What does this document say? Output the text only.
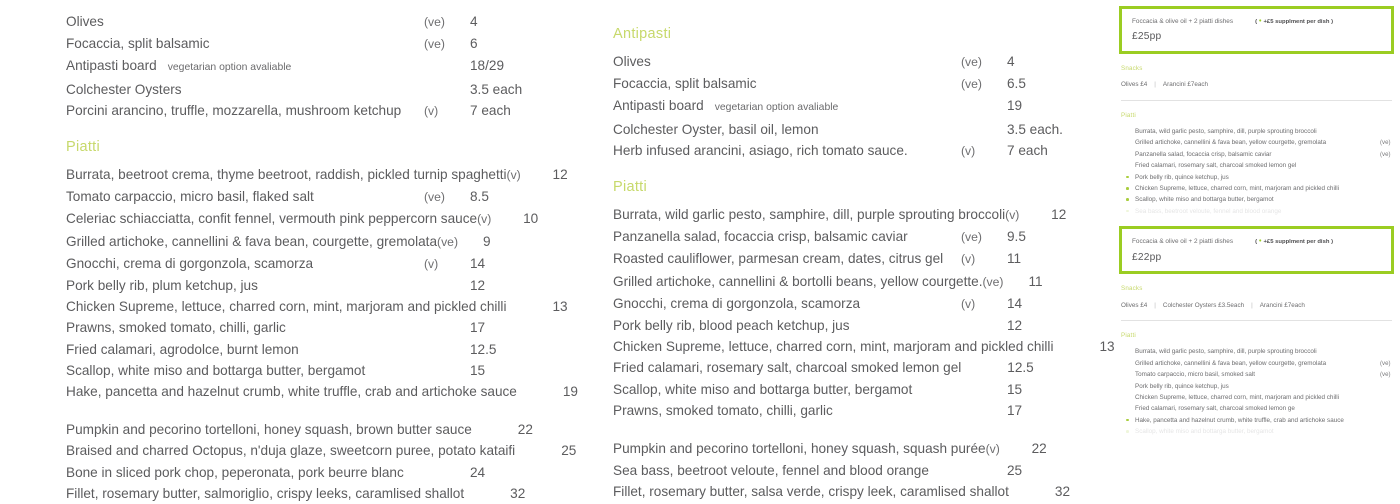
Olives	(ve)	4
Focaccia, split balsamic	(ve)	6
Antipasti board	vegetarian option avaliable	18/29
Colchester Oysters	3.5 each
Porcini arancino, truffle, mozzarella, mushroom ketchup (v)	7 each
Piatti
Burrata, beetroot crema, thyme beetroot, raddish, pickled turnip spaghetti (v)	12
Tomato carpaccio, micro basil, flaked salt	(ve)	8.5
Celeriac schiacciatta, confit fennel, vermouth pink peppercorn sauce (v)	10
Grilled artichoke, cannellini & fava bean, courgette, gremolata (ve)	9
Gnocchi, crema di gorgonzola, scamorza	(v)	14
Pork belly rib, plum ketchup, jus	12
Chicken Supreme, lettuce, charred corn, mint, marjoram and pickled chilli	13
Prawns, smoked tomato, chilli, garlic	17
Fried calamari, agrodolce, burnt lemon	12.5
Scallop, white miso and bottarga butter, bergamot	15
Hake, pancetta and hazelnut crumb, white truffle, crab and artichoke sauce	19
Pumpkin and pecorino tortelloni, honey squash, brown butter sauce	22
Braised and charred Octopus, n'duja glaze, sweetcorn puree, potato kataifi	25
Bone in sliced pork chop, peperonata, pork beurre blanc	24
Fillet, rosemary butter, salmoriglio, crispy leeks, caramlised shallot	32
Antipasti
Olives	(ve)	4
Focaccia, split balsamic	(ve)	6.5
Antipasti board	vegetarian option avaliable	19
Colchester Oyster, basil oil, lemon	3.5 each.
Herb infused arancini, asiago, rich tomato sauce.	(v)	7 each
Piatti
Burrata, wild garlic pesto, samphire, dill, purple sprouting broccoli (v)	12
Panzanella salad, focaccia crisp, balsamic caviar	(ve)	9.5
Roasted cauliflower, parmesan cream, dates, citrus gel (v)	11
Grilled artichoke, cannellini & bortolli beans, yellow courgette. (ve)	11
Gnocchi, crema di gorgonzola, scamorza	(v)	14
Pork belly rib, blood peach ketchup, jus	12
Chicken Supreme, lettuce, charred corn, mint, marjoram and pickled chilli	13
Fried calamari, rosemary salt, charcoal smoked lemon gel	12.5
Scallop, white miso and bottarga butter, bergamot	15
Prawns, smoked tomato, chilli, garlic	17
Pumpkin and pecorino tortelloni, honey squash, squash purée (v)	22
Sea bass, beetroot veloute, fennel and blood orange	25
Fillet, rosemary butter, salsa verde, crispy leek, caramlised shallot	32
Foccacia & olive oil + 2 piatti dishes	( • +£5 supplment per dish )
£25pp
Snacks
Olives £4 | Arancini £7each
Piatti
Burrata, wild garlic pesto, samphire, dill, purple sprouting broccoli
Grilled artichoke, cannellini & fava bean, yellow courgette, gremolata	(ve)
Panzanella salad, focaccia crisp, balsamic caviar	(ve)
Fried calamari, rosemary salt, charcoal smoked lemon gel
Pork belly rib, quince ketchup, jus
Chicken Supreme, lettuce, charred corn, mint, marjoram and pickled chilli
Scallop, white miso and bottarga butter, bergamot
Sea bass, beetroot veloute, fennel and blood orange
Foccacia & olive oil + 2 piatti dishes	( • +£5 supplment per dish )
£22pp
Snacks
Olives £4 | Colchester Oysters £3.5each | Arancini £7each
Piatti
Burrata, wild garlic pesto, samphire, dill, purple sprouting broccoli
Grilled artichoke, cannellini & fava bean, yellow courgette, gremolata	(ve)
Tomato carpaccio, micro basil, smoked salt	(ve)
Pork belly rib, quince ketchup, jus
Chicken Supreme, lettuce, charred corn, mint, marjoram and pickled chilli
Fried calamari, rosemary salt, charcoal smoked lemon ge
Hake, pancetta and hazelnut crumb, white truffle, crab and artichoke sauce
Scallop, white miso and bottarga butter, bergamot
